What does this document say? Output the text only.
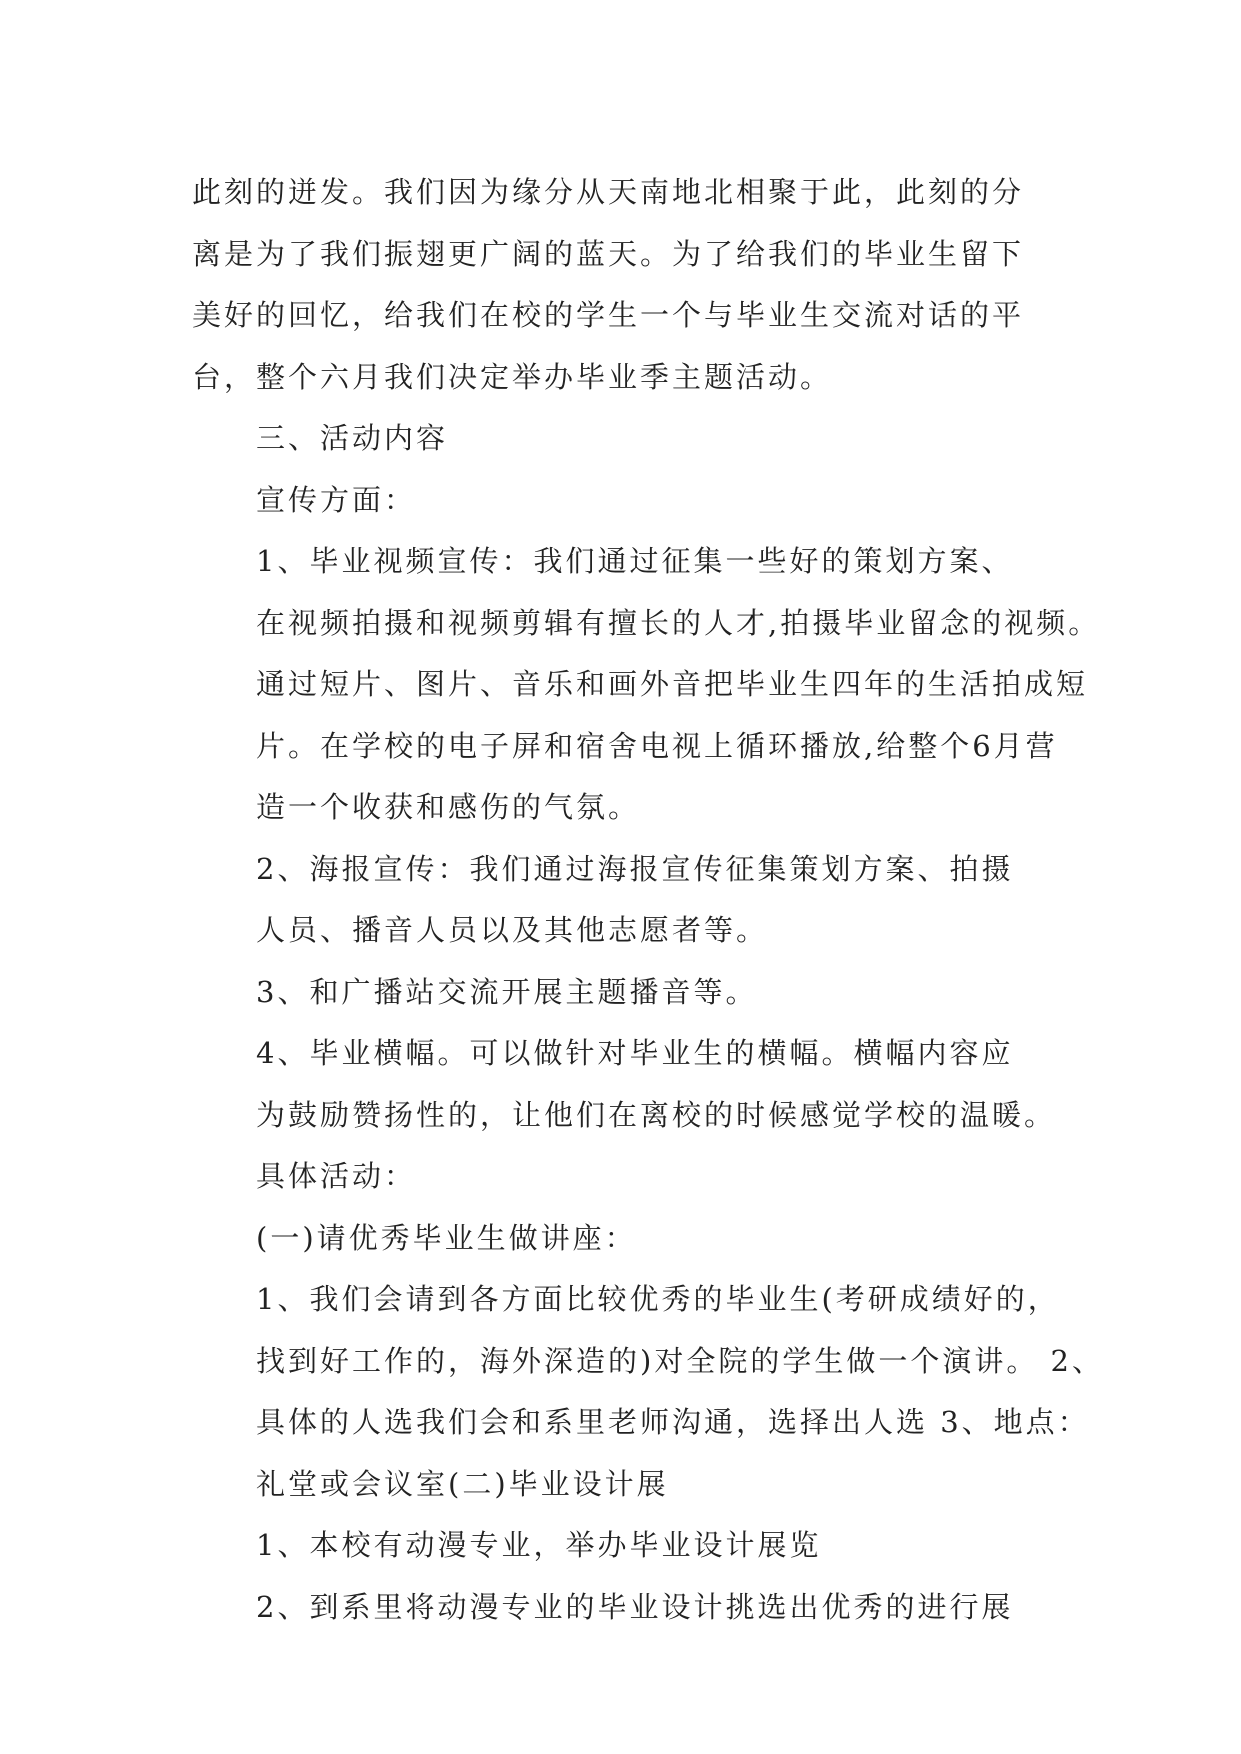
此刻的迸发。我们因为缘分从天南地北相聚于此，此刻的分
离是为了我们振翅更广阔的蓝天。为了给我们的毕业生留下
美好的回忆，给我们在校的学生一个与毕业生交流对话的平
台，整个六月我们决定举办毕业季主题活动。

三、活动内容

宣传方面：

1、毕业视频宣传：我们通过征集一些好的策划方案、
在视频拍摄和视频剪辑有擅长的人才,拍摄毕业留念的视频。
通过短片、图片、音乐和画外音把毕业生四年的生活拍成短
片。在学校的电子屏和宿舍电视上循环播放,给整个6月营
造一个收获和感伤的气氛。

2、海报宣传：我们通过海报宣传征集策划方案、拍摄
人员、播音人员以及其他志愿者等。

3、和广播站交流开展主题播音等。

4、毕业横幅。可以做针对毕业生的横幅。横幅内容应
为鼓励赞扬性的，让他们在离校的时候感觉学校的温暖。

具体活动：

(一)请优秀毕业生做讲座：

1、我们会请到各方面比较优秀的毕业生(考研成绩好的，
找到好工作的，海外深造的)对全院的学生做一个演讲。 2、
具体的人选我们会和系里老师沟通，选择出人选 3、地点：
礼堂或会议室(二)毕业设计展

1、本校有动漫专业，举办毕业设计展览

2、到系里将动漫专业的毕业设计挑选出优秀的进行展
